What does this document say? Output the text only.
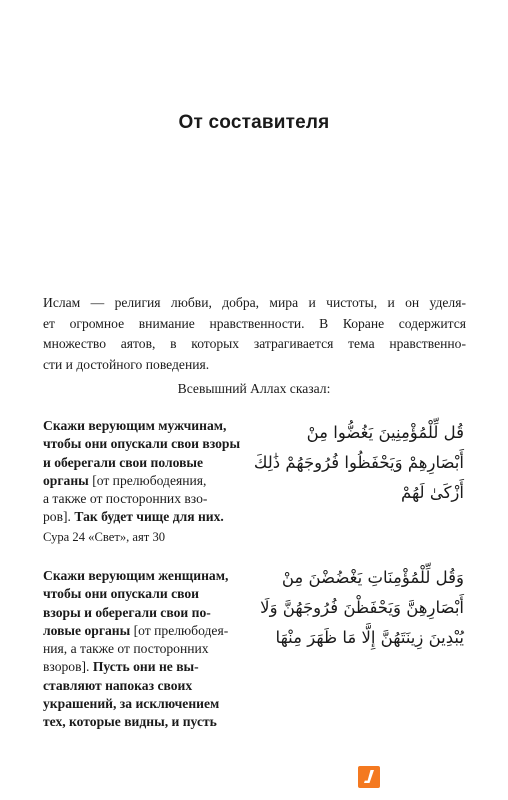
От составителя
Ислам — религия любви, добра, мира и чистоты, и он уделя-
ет огромное внимание нравственности. В Коране содержится
множество аятов, в которых затрагивается тема нравственно-
сти и достойного поведения.
Всевышний Аллах сказал:
Скажи верующим мужчинам,
чтобы они опускали свои взоры
и оберегали свои половые
органы [от прелюбодеяния,
а также от посторонних взо-
ров]. Так будет чище для них.
Сура 24 «Свет», аят 30
قُل لِّلْمُؤْمِنِينَ يَغُضُّوا مِنْ
أَبْصَارِهِمْ وَيَحْفَظُوا فُرُوجَهُمْ ذَٰلِكَ
أَزْكَىٰ لَهُمْ
Скажи верующим женщинам,
чтобы они опускали свои
взоры и оберегали свои по-
ловые органы [от прелюбодея-
ния, а также от посторонних
взоров]. Пусть они не вы-
ставляют напоказ своих
украшений, за исключением
тех, которые видны, и пусть
وَقُل لِّلْمُؤْمِنَاتِ يَغْضُضْنَ مِنْ
أَبْصَارِهِنَّ وَيَحْفَظْنَ فُرُوجَهُنَّ وَلَا
يُبْدِينَ زِينَتَهُنَّ إِلَّا مَا ظَهَرَ مِنْهَا
